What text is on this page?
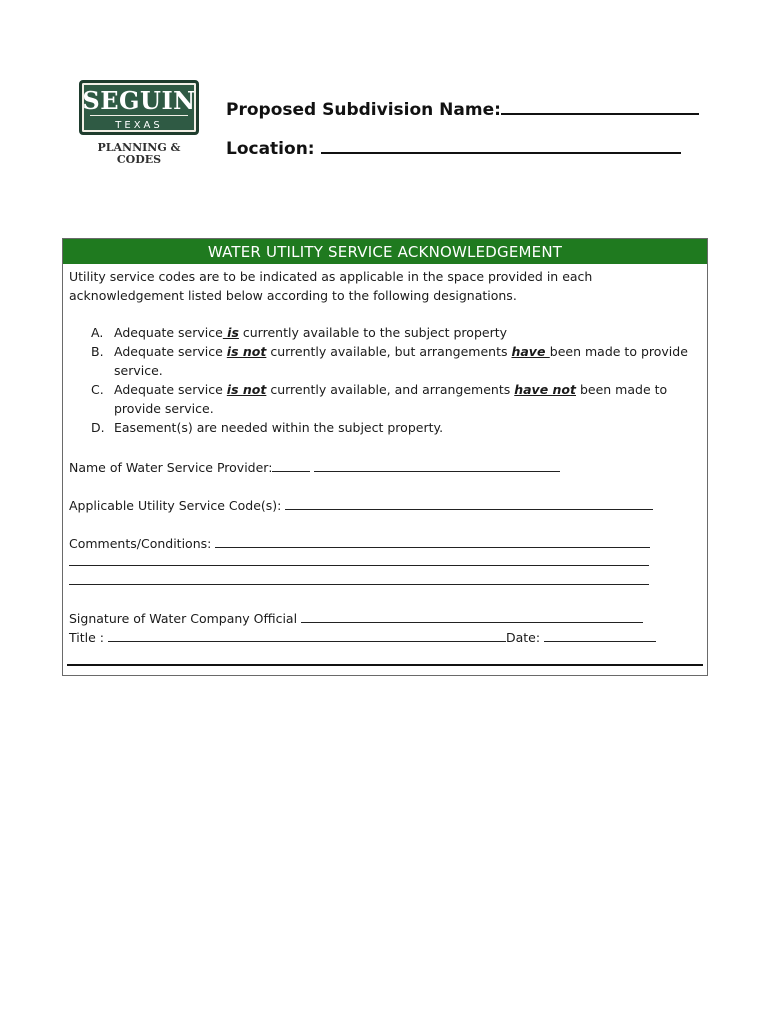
SEGUIN
TEXAS
PLANNING &
CODES
Proposed Subdivision Name:
Location:
WATER UTILITY SERVICE ACKNOWLEDGEMENT
Utility service codes are to be indicated as applicable in the space provided in each acknowledgement listed below according to the following designations.
A. Adequate service is currently available to the subject property
B. Adequate service is not currently available, but arrangements have been made to provide service.
C. Adequate service is not currently available, and arrangements have not been made to provide service.
D. Easement(s) are needed within the subject property.
Name of Water Service Provider:
Applicable Utility Service Code(s):
Comments/Conditions:
Signature of Water Company Official
Title :	Date:
